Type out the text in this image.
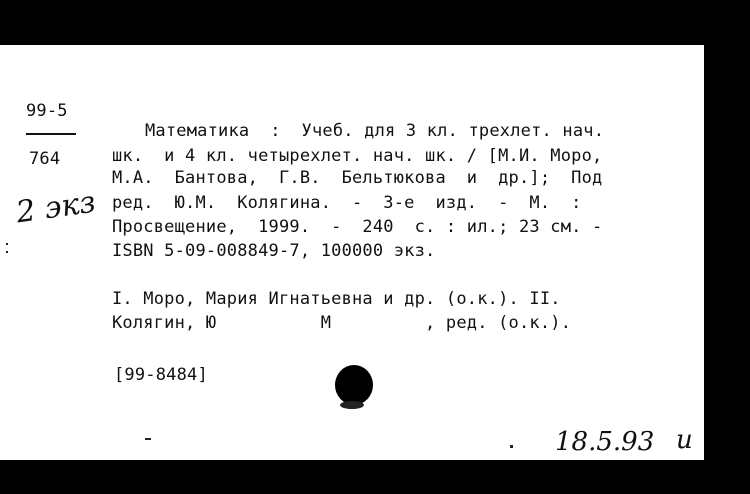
99-5
764
2 экз
Математика  :  Учеб. для 3 кл. трехлет. нач.
шк.  и 4 кл. четырехлет. нач. шк. / [М.И. Моро,
М.А.  Бантова,  Г.В.  Бельтюкова  и  др.];  Под
ред.  Ю.М.  Колягина.  -  3-е  изд.  -  М.  :
Просвещение,  1999.  -  240  с. : ил.; 23 см. -
ISBN 5-09-008849-7, 100000 экз.
I. Моро, Мария Игнатьевна и др. (о.к.). II.
Колягин, Ю          М         , ред. (о.к.).
[99-8484]
18.5.93 и
